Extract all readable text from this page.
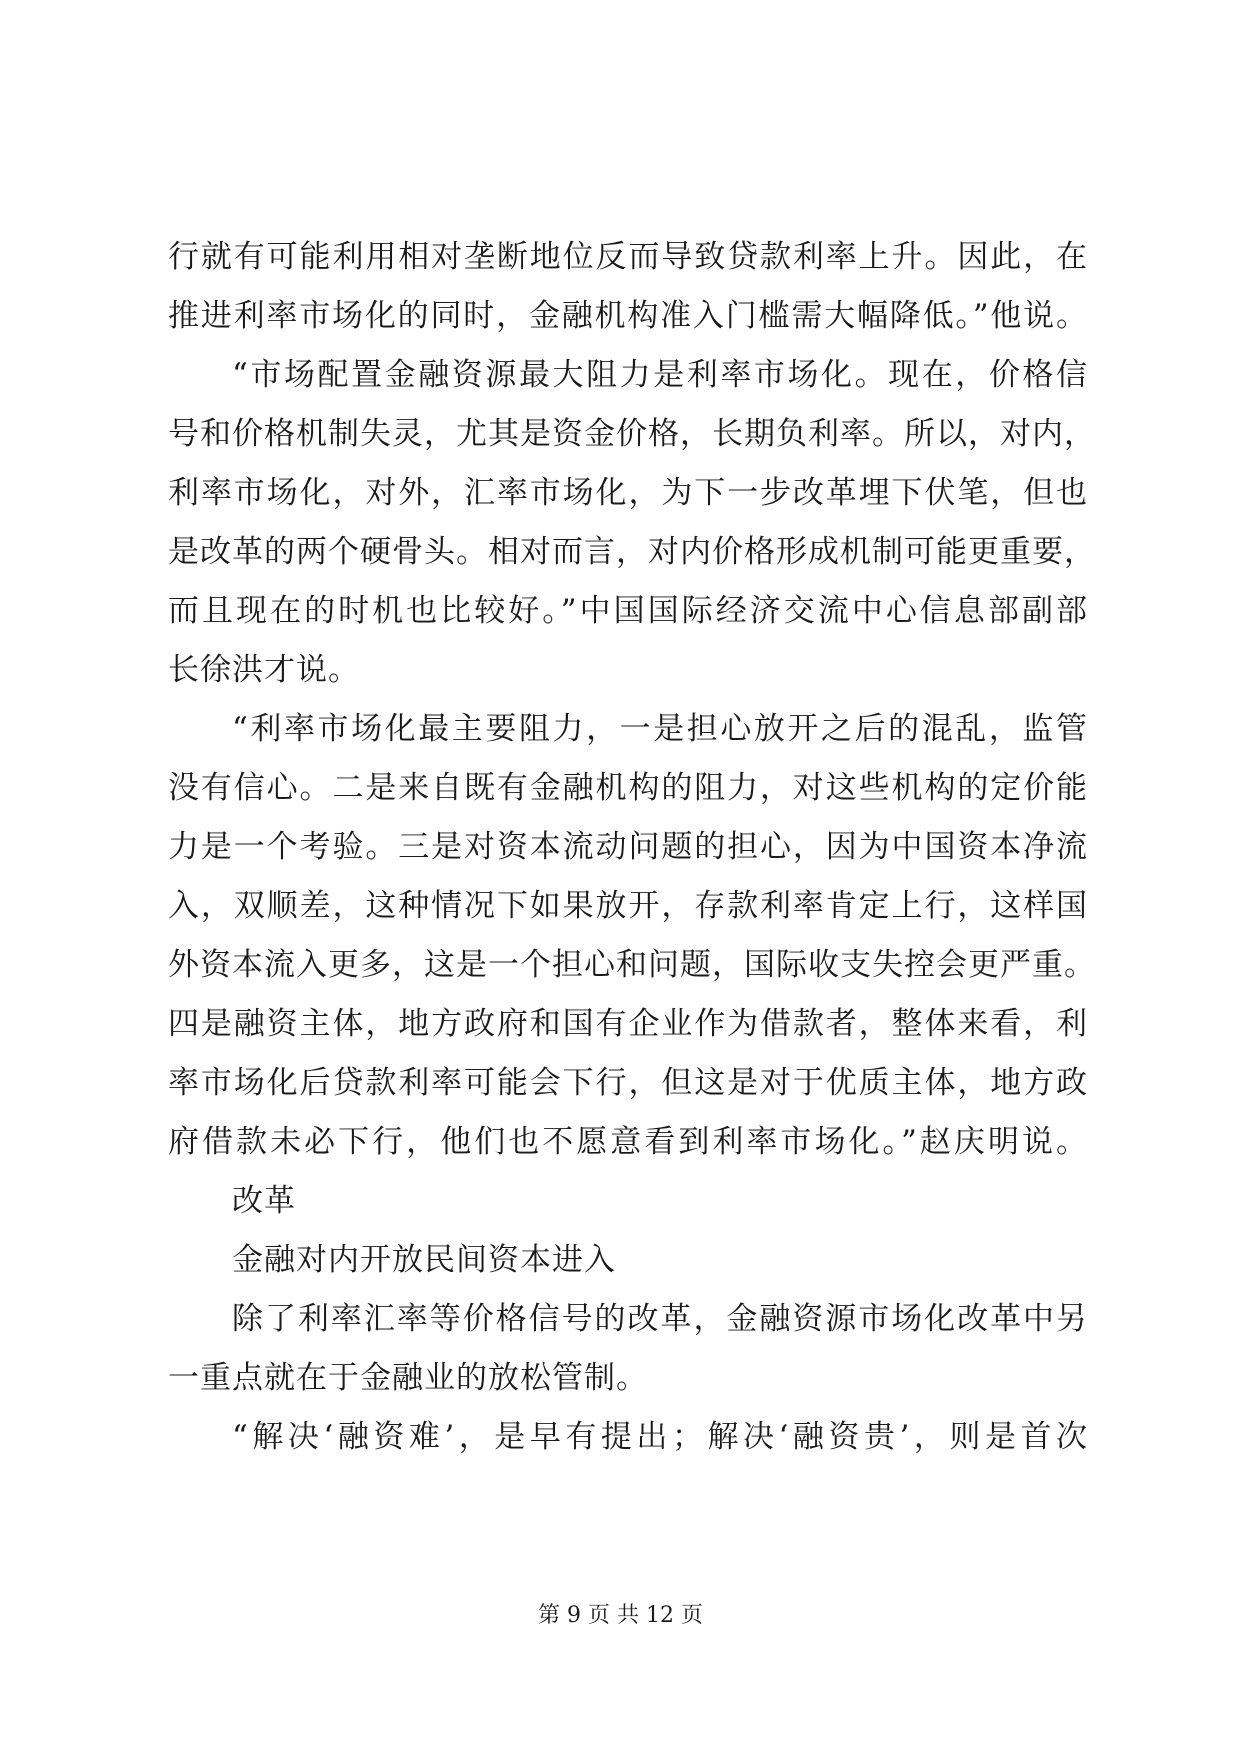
行就有可能利用相对垄断地位反而导致贷款利率上升。因此，在
推进利率市场化的同时，金融机构准入门槛需大幅降低。”他说。
“市场配置金融资源最大阻力是利率市场化。现在，价格信
号和价格机制失灵，尤其是资金价格，长期负利率。所以，对内，
利率市场化，对外，汇率市场化，为下一步改革埋下伏笔，但也
是改革的两个硬骨头。相对而言，对内价格形成机制可能更重要，
而且现在的时机也比较好。”中国国际经济交流中心信息部副部
长徐洪才说。
“利率市场化最主要阻力，一是担心放开之后的混乱，监管
没有信心。二是来自既有金融机构的阻力，对这些机构的定价能
力是一个考验。三是对资本流动问题的担心，因为中国资本净流
入，双顺差，这种情况下如果放开，存款利率肯定上行，这样国
外资本流入更多，这是一个担心和问题，国际收支失控会更严重。
四是融资主体，地方政府和国有企业作为借款者，整体来看，利
率市场化后贷款利率可能会下行，但这是对于优质主体，地方政
府借款未必下行，他们也不愿意看到利率市场化。”赵庆明说。
改革
金融对内开放民间资本进入
除了利率汇率等价格信号的改革，金融资源市场化改革中另
一重点就在于金融业的放松管制。
“解决‘融资难’，是早有提出；解决‘融资贵’，则是首次
第 9 页 共 12 页
